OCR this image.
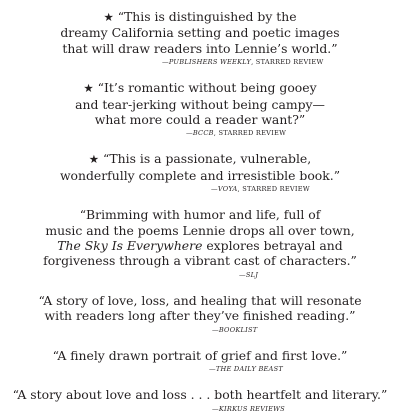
★ “This is distinguished by the
dreamy California setting and poetic images
that will draw readers into Lennie’s world.”
—PUBLISHERS WEEKLY, STARRED REVIEW
★ “It’s romantic without being gooey
and tear-jerking without being campy—
what more could a reader want?”
—BCCB, STARRED REVIEW
★ “This is a passionate, vulnerable,
wonderfully complete and irresistible book.”
—VOYA, STARRED REVIEW
“Brimming with humor and life, full of
music and the poems Lennie drops all over town,
The Sky Is Everywhere explores betrayal and
forgiveness through a vibrant cast of characters.”
—SLJ
“A story of love, loss, and healing that will resonate
with readers long after they’ve finished reading.”
—BOOKLIST
“A finely drawn portrait of grief and first love.”
—THE DAILY BEAST
“A story about love and loss . . . both heartfelt and literary.”
—KIRKUS REVIEWS
